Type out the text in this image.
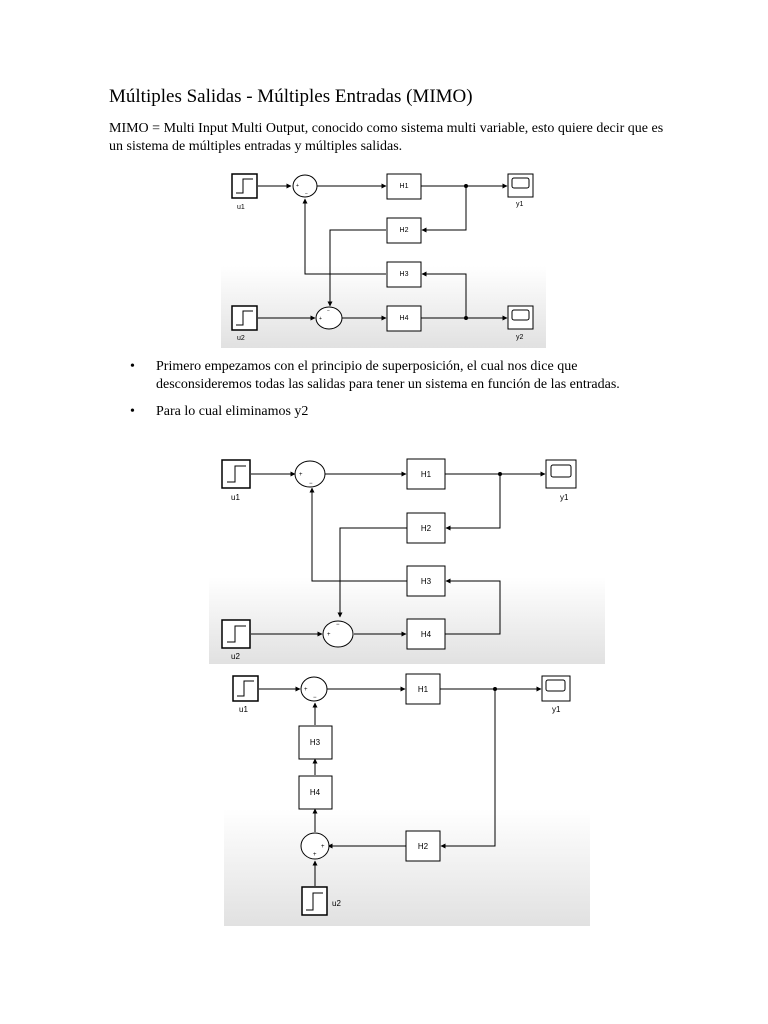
Múltiples Salidas - Múltiples Entradas (MIMO)

MIMO = Multi Input Multi Output, conocido como sistema multi variable, esto quiere decir que es un sistema de múltiples entradas y múltiples salidas.

u1
u2
+
−
+
−
H1
H2
H3
H4
y1
y2
• Primero empezamos con el principio de superposición, el cual nos dice que desconsideremos todas las salidas para tener un sistema en función de las entradas.
• Para lo cual eliminamos y2
u1
u2
+
−
+
−
H1
H2
H3
H4
y1
u1
u2
+
−
+
+
H1
H3
H4
H2
y1
